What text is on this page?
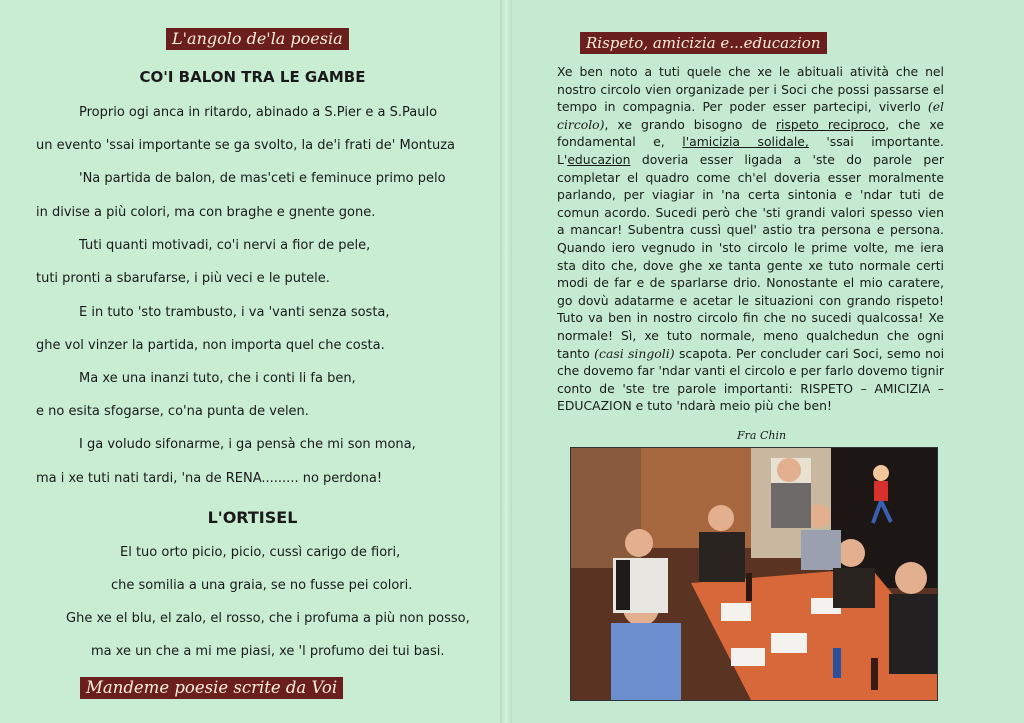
L'angolo de'la poesia
CO'I BALON TRA LE GAMBE
Proprio ogi anca in ritardo, abinado a S.Pier e a S.Paulo
un evento 'ssai importante se ga svolto, la de'i frati de' Montuza
'Na partida de balon, de mas'ceti e feminuce primo pelo
in divise a più colori, ma con braghe e gnente gone.
Tuti quanti motivadi, co'i nervi a fior de pele,
tuti pronti a sbarufarse, i più veci e le putele.
E in tuto 'sto trambusto, i va 'vanti senza sosta,
ghe vol vinzer la partida, non importa quel che costa.
Ma xe una inanzi tuto, che i conti li fa ben,
e no esita sfogarse, co'na punta de velen.
I ga voludo sifonarme, i ga pensà che mi son mona,
ma i xe tuti nati tardi, 'na de RENA......... no perdona!
L'ORTISEL
El tuo orto picio, picio, cussì carigo de fiori,
che somilia a una graia, se no fusse pei colori.
Ghe xe el blu, el zalo, el rosso, che i profuma a più non posso,
ma xe un che a mi me piasi, xe 'l profumo dei tui basi.
Mandeme poesie scrite da Voi
Rispeto, amicizia e...educazion

Xe ben noto a tuti quele che xe le abituali atività che nel nostro circolo vien organizade per i Soci che possi passarse el tempo in compagnia. Per poder esser partecipi, viverlo (el circolo), xe grando bisogno de rispeto reciproco, che xe fondamental e, l'amicizia solidale, 'ssai importante. L'educazion doveria esser ligada a 'ste do parole per completar el quadro come ch'el doveria esser moralmente parlando, per viagiar in 'na certa sintonia e 'ndar tuti de comun acordo. Sucedi però che 'sti grandi valori spesso vien a mancar! Subentra cussì quel' astio tra persona e persona. Quando iero vegnudo in 'sto circolo le prime volte, me iera sta dito che, dove ghe xe tanta gente xe tuto normale certi modi de far e de sparlarse drio. Nonostante el mio caratere, go dovù adatarme e acetar le situazioni con grando rispeto! Tuto va ben in nostro circolo fin che no sucedi qualcossa! Xe normale! Sì, xe tuto normale, meno qualchedun che ogni tanto (casi singoli) scapota. Per concluder cari Soci, semo noi che dovemo far 'ndar vanti el circolo e per farlo dovemo tignir conto de 'ste tre parole importanti: RISPETO – AMICIZIA – EDUCAZION e tuto 'ndarà meio più che ben!

Fra Chin
